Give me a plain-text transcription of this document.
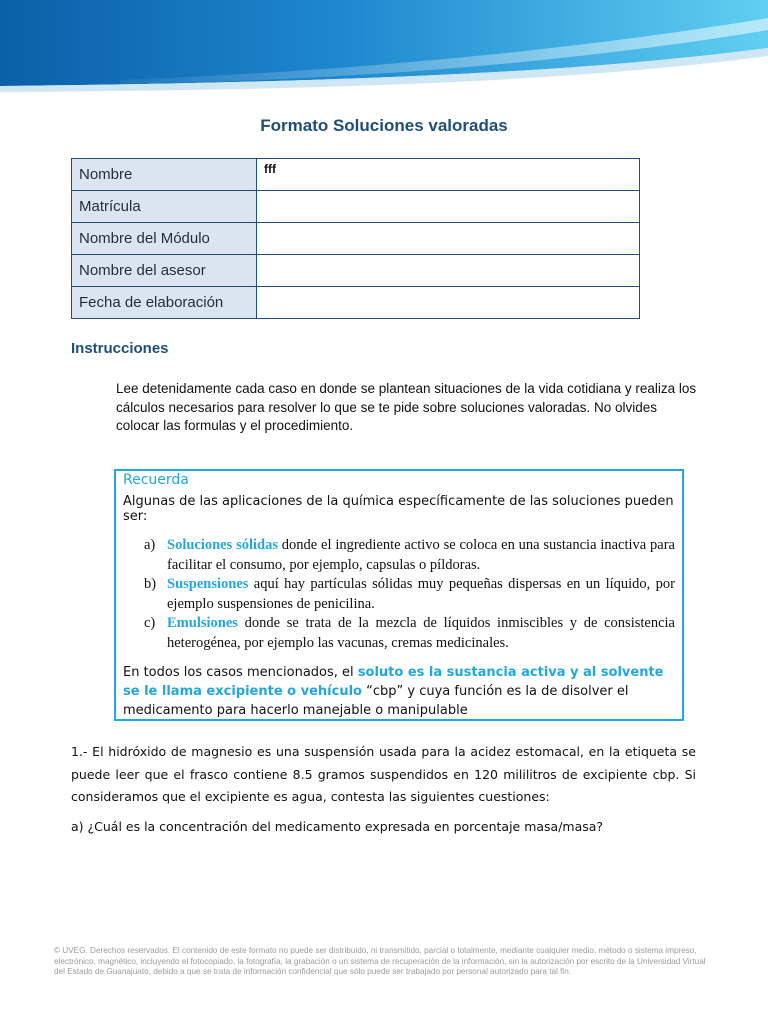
Formato Soluciones valoradas
Nombre	fff
Matrícula	
Nombre del Módulo	
Nombre del asesor	
Fecha de elaboración	
Instrucciones
Lee detenidamente cada caso en donde se plantean situaciones de la vida cotidiana y realiza los cálculos necesarios para resolver lo que se te pide sobre soluciones valoradas. No olvides colocar las formulas y el procedimiento.
Recuerda
Algunas de las aplicaciones de la química específicamente de las soluciones pueden ser:
a) Soluciones sólidas donde el ingrediente activo se coloca en una sustancia inactiva para facilitar el consumo, por ejemplo, capsulas o píldoras.
b) Suspensiones aquí hay partículas sólidas muy pequeñas dispersas en un líquido, por ejemplo suspensiones de penicilina.
c) Emulsiones donde se trata de la mezcla de líquidos inmiscibles y de consistencia heterogénea, por ejemplo las vacunas, cremas medicinales.
En todos los casos mencionados, el soluto es la sustancia activa y al solvente se le llama excipiente o vehículo “cbp” y cuya función es la de disolver el medicamento para hacerlo manejable o manipulable
1.- El hidróxido de magnesio es una suspensión usada para la acidez estomacal, en la etiqueta se puede leer que el frasco contiene 8.5 gramos suspendidos en 120 mililitros de excipiente cbp. Si consideramos que el excipiente es agua, contesta las siguientes cuestiones:
a) ¿Cuál es la concentración del medicamento expresada en porcentaje masa/masa?
© UVEG. Derechos reservados. El contenido de este formato no puede ser distribuido, ni transmitido, parcial o totalmente, mediante cualquier medio, método o sistema impreso, electrónico, magnético, incluyendo el fotocopiado, la fotografía, la grabación o un sistema de recuperación de la información, sin la autorización por escrito de la Universidad Virtual del Estado de Guanajuato, debido a que se trata de información confidencial que sólo puede ser trabajado por personal autorizado para tal fin.
